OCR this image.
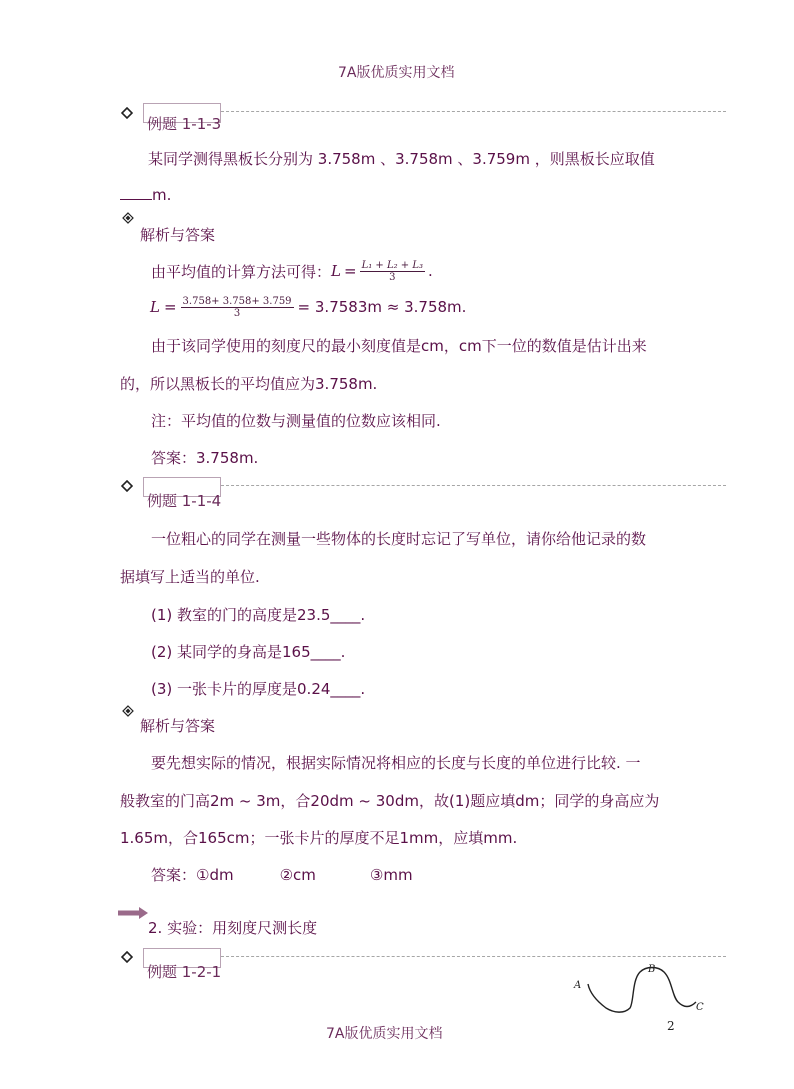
7A版优质实用文档
例题 1-1-3
某同学测得黑板长分别为 3.758m 、3.758m 、3.759m ，则黑板长应取值
m.
解析与答案
由平均值的计算方法可得： $L = \frac{\text{L₁ + L₂ + L₃}}{3}$ .
$L = \frac{3.758+ 3.758+ 3.759}{3} = 3.7583m \approx 3.758m$.
由于该同学使用的刻度尺的最小刻度值是cm，cm下一位的数值是估计出来
的，所以黑板长的平均值应为3.758m.
注：平均值的位数与测量值的位数应该相同.
答案：3.758m.
例题 1-1-4
一位粗心的同学在测量一些物体的长度时忘记了写单位，请你给他记录的数
据填写上适当的单位.
(1) 教室的门的高度是23.5____.
(2) 某同学的身高是165____.
(3) 一张卡片的厚度是0.24____.
解析与答案
要先想实际的情况，根据实际情况将相应的长度与长度的单位进行比较. 一
般教室的门高2m ~ 3m，合20dm ~ 30dm，故(1)题应填dm；同学的身高应为
1.65m，合165cm；一张卡片的厚度不足1mm，应填mm.
答案：①dm	②cm	③mm
2. 实验：用刻度尺测长度
例题 1-2-1
A
B
C
2
7A版优质实用文档
